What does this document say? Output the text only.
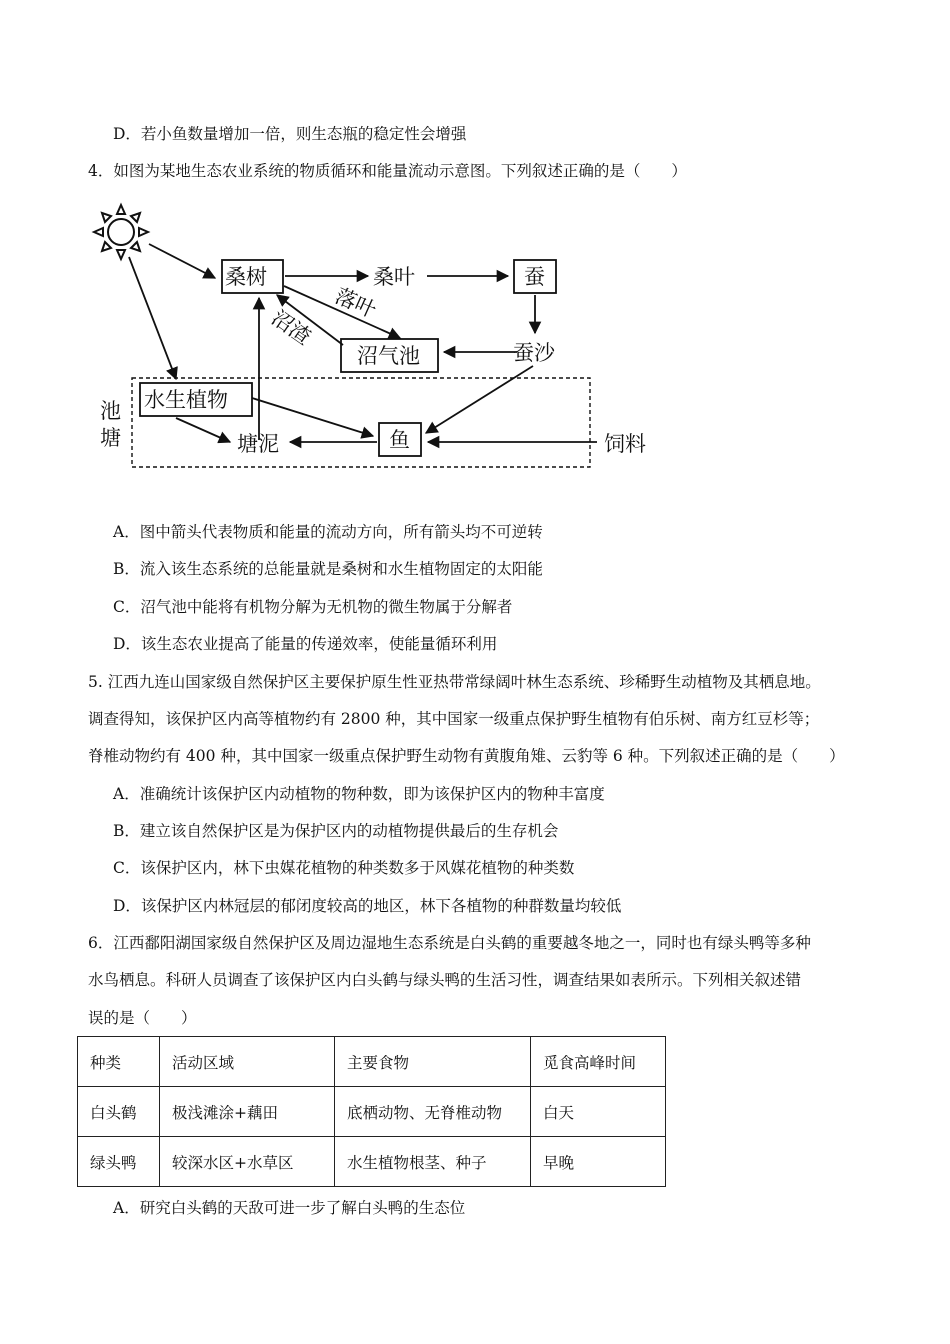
D．若小鱼数量增加一倍，则生态瓶的稳定性会增强
4．如图为某地生态农业系统的物质循环和能量流动示意图。下列叙述正确的是（　　）
桑树	桑叶	蚕
落叶
沼渣
沼气池	蚕沙
水生植物
池
塘	塘泥	鱼	饲料
A．图中箭头代表物质和能量的流动方向，所有箭头均不可逆转
B．流入该生态系统的总能量就是桑树和水生植物固定的太阳能
C．沼气池中能将有机物分解为无机物的微生物属于分解者
D．该生态农业提高了能量的传递效率，使能量循环利用
5. 江西九连山国家级自然保护区主要保护原生性亚热带常绿阔叶林生态系统、珍稀野生动植物及其栖息地。
调查得知，该保护区内高等植物约有 2800 种，其中国家一级重点保护野生植物有伯乐树、南方红豆杉等；
脊椎动物约有 400 种，其中国家一级重点保护野生动物有黄腹角雉、云豹等 6 种。下列叙述正确的是（　　）
A．准确统计该保护区内动植物的物种数，即为该保护区内的物种丰富度
B．建立该自然保护区是为保护区内的动植物提供最后的生存机会
C．该保护区内，林下虫媒花植物的种类数多于风媒花植物的种类数
D．该保护区内林冠层的郁闭度较高的地区，林下各植物的种群数量均较低
6．江西鄱阳湖国家级自然保护区及周边湿地生态系统是白头鹤的重要越冬地之一，同时也有绿头鸭等多种
水鸟栖息。科研人员调查了该保护区内白头鹤与绿头鸭的生活习性，调查结果如表所示。下列相关叙述错
误的是（　　）
种类	活动区域	主要食物	觅食高峰时间
白头鹤	极浅滩涂+藕田	底栖动物、无脊椎动物	白天
绿头鸭	较深水区+水草区	水生植物根茎、种子	早晚
A．研究白头鹤的天敌可进一步了解白头鸭的生态位
